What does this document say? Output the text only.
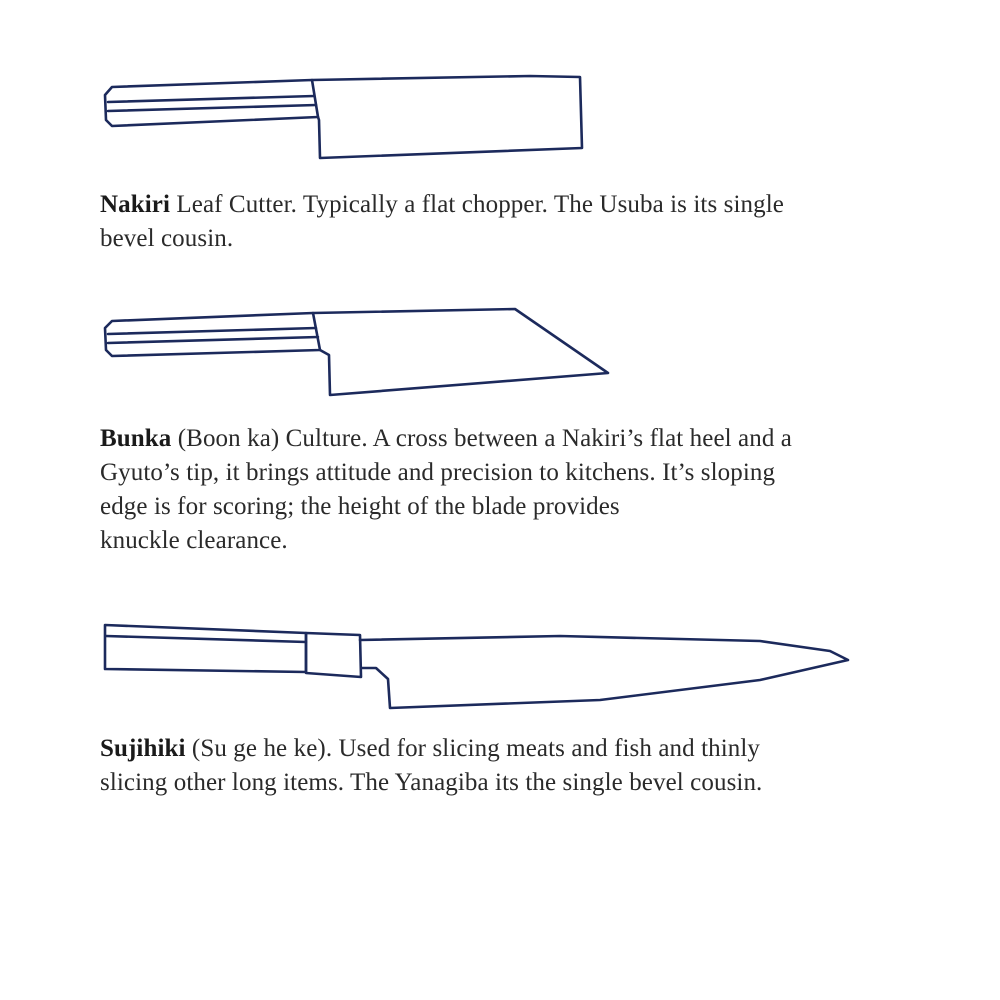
Nakiri Leaf Cutter. Typically a flat chopper. The Usuba is its single
bevel cousin.

Bunka (Boon ka) Culture. A cross between a Nakiri’s flat heel and a
Gyuto’s tip, it brings attitude and precision to kitchens. It’s sloping
edge is for scoring; the height of the blade provides
knuckle clearance.

Sujihiki (Su ge he ke). Used for slicing meats and fish and thinly
slicing other long items. The Yanagiba its the single bevel cousin.
